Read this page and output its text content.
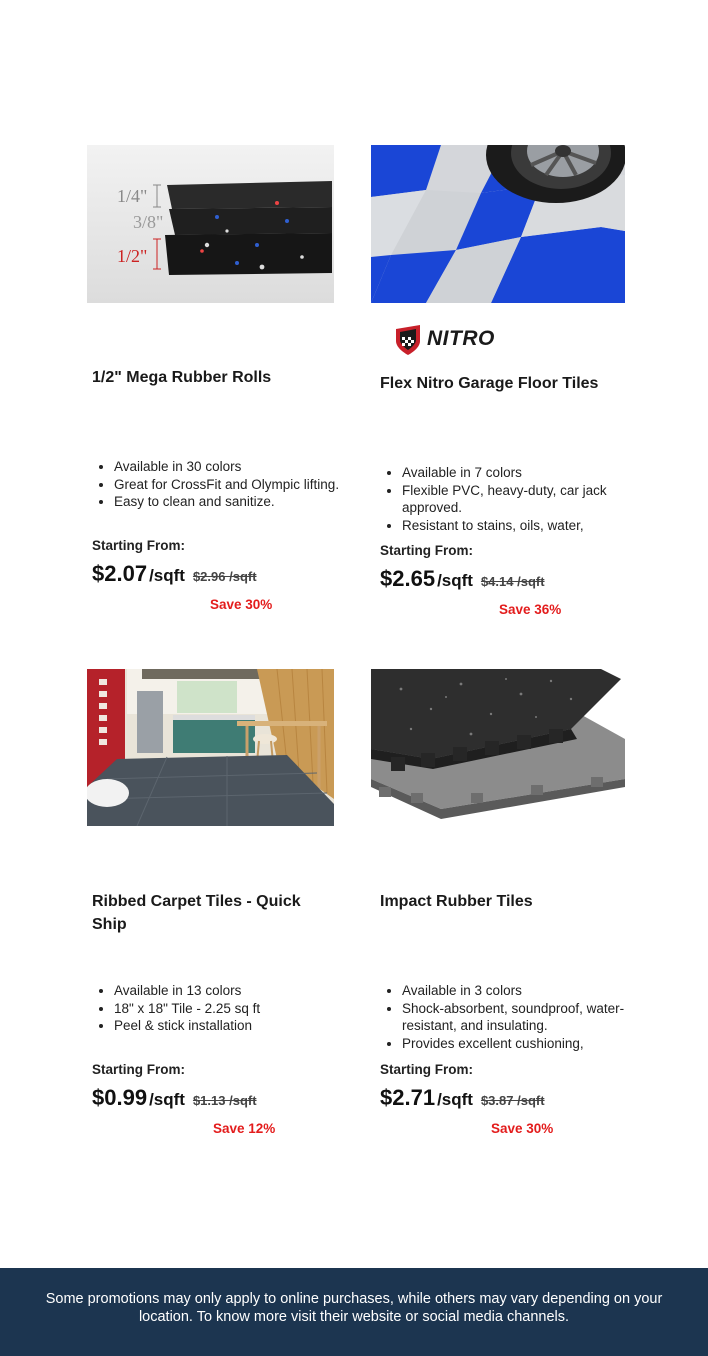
1/4"
3/8"
1/2"
1/2" Mega Rubber Rolls
• Available in 30 colors
• Great for CrossFit and Olympic lifting.
• Easy to clean and sanitize.
Starting From:
$2.07 /sqft $2.96 /sqft
Save 30%
NITRO
Flex Nitro Garage Floor Tiles
• Available in 7 colors
• Flexible PVC, heavy-duty, car jack approved.
• Resistant to stains, oils, water,
Starting From:
$2.65 /sqft $4.14 /sqft
Save 36%
Ribbed Carpet Tiles - Quick Ship
• Available in 13 colors
• 18" x 18" Tile - 2.25 sq ft
• Peel & stick installation
Starting From:
$0.99 /sqft $1.13 /sqft
Save 12%
Impact Rubber Tiles
• Available in 3 colors
• Shock-absorbent, soundproof, water-resistant, and insulating.
• Provides excellent cushioning,
Starting From:
$2.71 /sqft $3.87 /sqft
Save 30%
Some promotions may only apply to online purchases, while others may vary depending on your location. To know more visit their website or social media channels.
